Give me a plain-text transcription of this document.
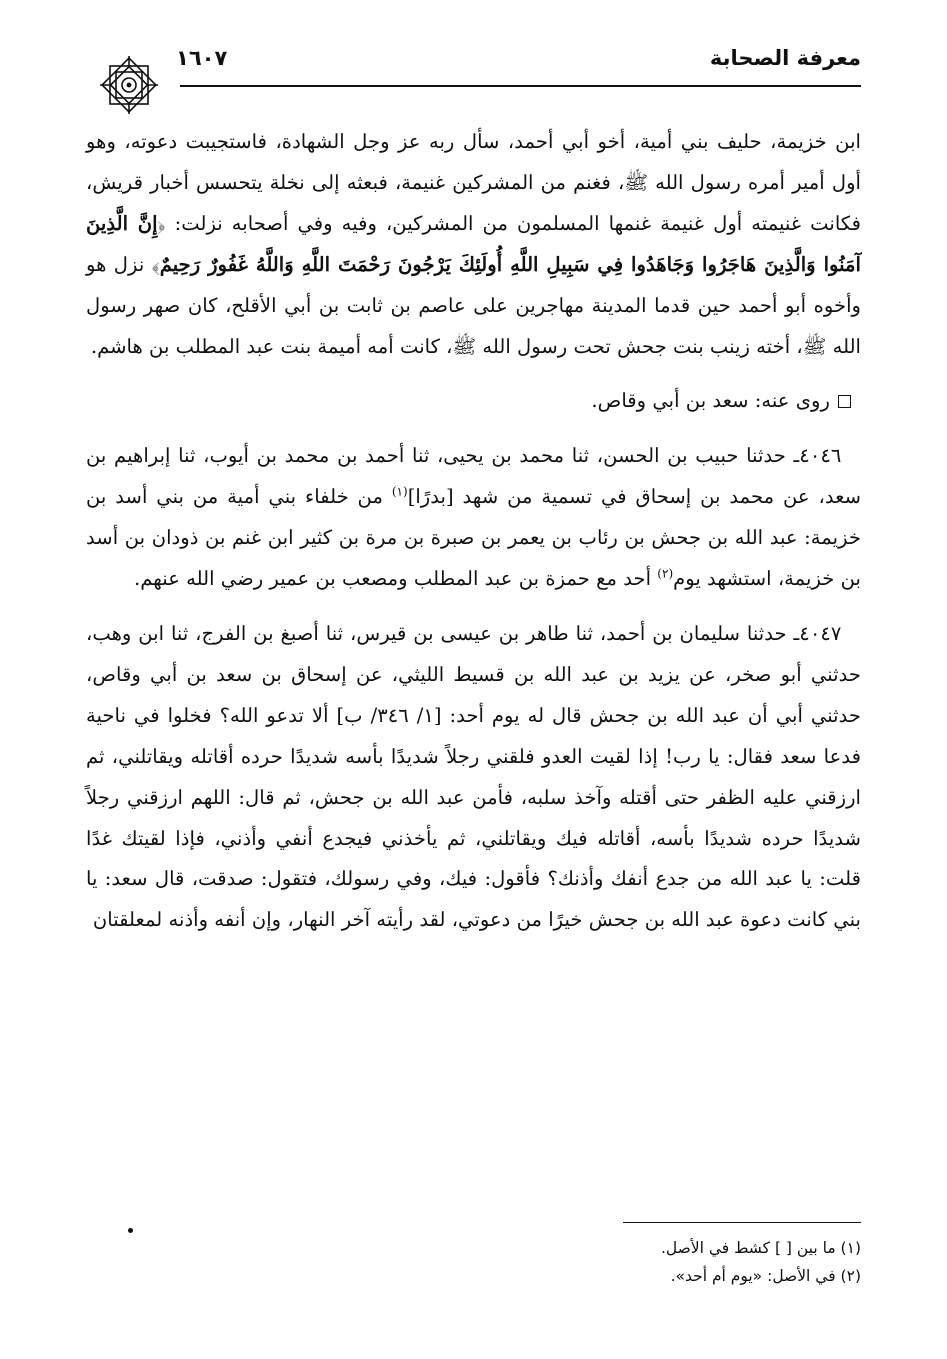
معرفة الصحابة
١٦٠٧

ابن خزيمة، حليف بني أمية، أخو أبي أحمد، سأل ربه عز وجل الشهادة، فاستجيبت دعوته، وهو أول أمير أمره رسول الله ﷺ، فغنم من المشركين غنيمة، فبعثه إلى نخلة يتحسس أخبار قريش، فكانت غنيمته أول غنيمة غنمها المسلمون من المشركين، وفيه وفي أصحابه نزلت: ﴿إِنَّ الَّذِينَ آمَنُوا وَالَّذِينَ هَاجَرُوا وَجَاهَدُوا فِي سَبِيلِ اللَّهِ أُولَئِكَ يَرْجُونَ رَحْمَتَ اللَّهِ وَاللَّهُ غَفُورٌ رَحِيمٌ﴾ نزل هو وأخوه أبو أحمد حين قدما المدينة مهاجرين على عاصم بن ثابت بن أبي الأقلح، كان صهر رسول الله ﷺ، أخته زينب بنت جحش تحت رسول الله ﷺ، كانت أمه أميمة بنت عبد المطلب بن هاشم.

روى عنه: سعد بن أبي وقاص.

 ٤٠٤٦ـ حدثنا حبيب بن الحسن، ثنا محمد بن يحيى، ثنا أحمد بن محمد بن أيوب، ثنا إبراهيم بن سعد، عن محمد بن إسحاق في تسمية من شهد [بدرًا]$^{(١)}$ من خلفاء بني أمية من بني أسد بن خزيمة: عبد الله بن جحش بن رئاب بن يعمر بن صبرة بن مرة بن كثير ابن غنم بن ذودان بن أسد بن خزيمة، استشهد يوم$^{(٢)}$ أحد مع حمزة بن عبد المطلب ومصعب بن عمير رضي الله عنهم.

 ٤٠٤٧ـ حدثنا سليمان بن أحمد، ثنا طاهر بن عيسى بن قيرس، ثنا أصبغ بن الفرج، ثنا ابن وهب، حدثني أبو صخر، عن يزيد بن عبد الله بن قسيط الليثي، عن إسحاق بن سعد بن أبي وقاص، حدثني أبي أن عبد الله بن جحش قال له يوم أحد: [١/ ٣٤٦/ ب] ألا تدعو الله؟ فخلوا في ناحية فدعا سعد فقال: يا رب! إذا لقيت العدو فلقني رجلاً شديدًا بأسه شديدًا حرده أقاتله ويقاتلني، ثم ارزقني عليه الظفر حتى أقتله وآخذ سلبه، فأمن عبد الله بن جحش، ثم قال: اللهم ارزقني رجلاً شديدًا حرده شديدًا بأسه، أقاتله فيك ويقاتلني، ثم يأخذني فيجدع أنفي وأذني، فإذا لقيتك غدًا قلت: يا عبد الله من جدع أنفك وأذنك؟ فأقول: فيك، وفي رسولك، فتقول: صدقت، قال سعد: يا بني كانت دعوة عبد الله بن جحش خيرًا من دعوتي، لقد رأيته آخر النهار، وإن أنفه وأذنه لمعلقتان

(١) ما بين [ ] كشط في الأصل.
(٢) في الأصل: «يوم أم أحد».
